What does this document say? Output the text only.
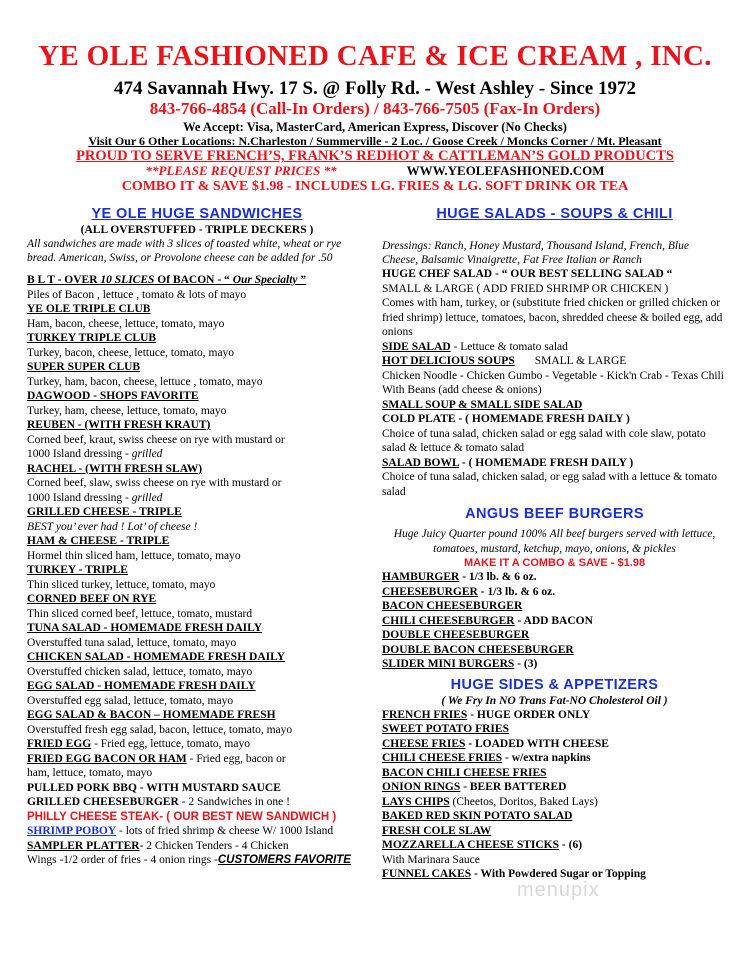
YE OLE FASHIONED CAFE & ICE CREAM , INC.
474 Savannah Hwy. 17 S. @ Folly Rd. - West Ashley - Since 1972
843-766-4854 (Call-In Orders) / 843-766-7505 (Fax-In Orders)
We Accept: Visa, MasterCard, American Express, Discover (No Checks)
Visit Our 6 Other Locations: N.Charleston / Summerville - 2 Loc. / Goose Creek / Moncks Corner / Mt. Pleasant
PROUD TO SERVE FRENCH’S, FRANK’S REDHOT & CATTLEMAN’S GOLD PRODUCTS
**PLEASE REQUEST PRICES **	WWW.YEOLEFASHIONED.COM
COMBO IT & SAVE $1.98 - INCLUDES LG. FRIES & LG. SOFT DRINK OR TEA
YE OLE HUGE SANDWICHES
(ALL OVERSTUFFED - TRIPLE DECKERS )
All sandwiches are made with 3 slices of toasted white, wheat or rye bread. American, Swiss, or Provolone cheese can be added for .50
B L T - OVER 10 SLICES Of BACON - “ Our Specialty ”
Piles of Bacon , lettuce , tomato & lots of mayo
YE OLE TRIPLE CLUB
Ham, bacon, cheese, lettuce, tomato, mayo
TURKEY TRIPLE CLUB
Turkey, bacon, cheese, lettuce, tomato, mayo
SUPER SUPER CLUB
Turkey, ham, bacon, cheese, lettuce , tomato, mayo
DAGWOOD - SHOPS FAVORITE
Turkey, ham, cheese, lettuce, tomato, mayo
REUBEN - (WITH FRESH KRAUT)
Corned beef, kraut, swiss cheese on rye with mustard or
1000 Island dressing - grilled
RACHEL - (WITH FRESH SLAW)
Corned beef, slaw, swiss cheese on rye with mustard or
1000 Island dressing - grilled
GRILLED CHEESE - TRIPLE
BEST you’ ever had ! Lot’ of cheese !
HAM & CHEESE - TRIPLE
Hormel thin sliced ham, lettuce, tomato, mayo
TURKEY - TRIPLE
Thin sliced turkey, lettuce, tomato, mayo
CORNED BEEF ON RYE
Thin sliced corned beef, lettuce, tomato, mustard
TUNA SALAD - HOMEMADE FRESH DAILY
Overstuffed tuna salad, lettuce, tomato, mayo
CHICKEN SALAD - HOMEMADE FRESH DAILY
Overstuffed chicken salad, lettuce, tomato, mayo
EGG SALAD - HOMEMADE FRESH DAILY
Overstuffed egg salad, lettuce, tomato, mayo
EGG SALAD & BACON – HOMEMADE FRESH
Overstuffed fresh egg salad, bacon, lettuce, tomato, mayo
FRIED EGG - Fried egg, lettuce, tomato, mayo
FRIED EGG BACON OR HAM - Fried egg, bacon or
ham, lettuce, tomato, mayo
PULLED PORK BBQ - WITH MUSTARD SAUCE
GRILLED CHEESEBURGER - 2 Sandwiches in one !
PHILLY CHEESE STEAK- ( OUR BEST NEW SANDWICH )
SHRIMP POBOY - lots of fried shrimp & cheese W/ 1000 Island
SAMPLER PLATTER- 2 Chicken Tenders - 4 Chicken
Wings -1/2 order of fries - 4 onion rings -CUSTOMERS FAVORITE
HUGE SALADS - SOUPS & CHILI
Dressings: Ranch, Honey Mustard, Thousand Island, French, Blue Cheese, Balsamic Vinaigrette, Fat Free Italian or Ranch
HUGE CHEF SALAD - “ OUR BEST SELLING SALAD “
SMALL & LARGE ( ADD FRIED SHRIMP OR CHICKEN )
Comes with ham, turkey, or (substitute fried chicken or grilled chicken or fried shrimp) lettuce, tomatoes, bacon, shredded cheese & boiled egg, add onions
SIDE SALAD - Lettuce & tomato salad
HOT DELICIOUS SOUPS SMALL & LARGE
Chicken Noodle - Chicken Gumbo - Vegetable - Kick'n Crab - Texas Chili With Beans (add cheese & onions)
SMALL SOUP & SMALL SIDE SALAD
COLD PLATE - ( HOMEMADE FRESH DAILY )
Choice of tuna salad, chicken salad or egg salad with cole slaw, potato salad & lettuce & tomato salad
SALAD BOWL - ( HOMEMADE FRESH DAILY )
Choice of tuna salad, chicken salad, or egg salad with a lettuce & tomato salad
ANGUS BEEF BURGERS
Huge Juicy Quarter pound 100% All beef burgers served with lettuce, tomatoes, mustard, ketchup, mayo, onions, & pickles
MAKE IT A COMBO & SAVE - $1.98
HAMBURGER - 1/3 lb. & 6 oz.
CHEESEBURGER - 1/3 lb. & 6 oz.
BACON CHEESEBURGER
CHILI CHEESEBURGER - ADD BACON
DOUBLE CHEESEBURGER
DOUBLE BACON CHEESEBURGER
SLIDER MINI BURGERS - (3)
HUGE SIDES & APPETIZERS
( We Fry In NO Trans Fat-NO Cholesterol Oil )
FRENCH FRIES - HUGE ORDER ONLY
SWEET POTATO FRIES
CHEESE FRIES - LOADED WITH CHEESE
CHILI CHEESE FRIES - w/extra napkins
BACON CHILI CHEESE FRIES
ONION RINGS - BEER BATTERED
LAYS CHIPS (Cheetos, Doritos, Baked Lays)
BAKED RED SKIN POTATO SALAD
FRESH COLE SLAW
MOZZARELLA CHEESE STICKS - (6)
With Marinara Sauce
FUNNEL CAKES - With Powdered Sugar or Topping
menupix
